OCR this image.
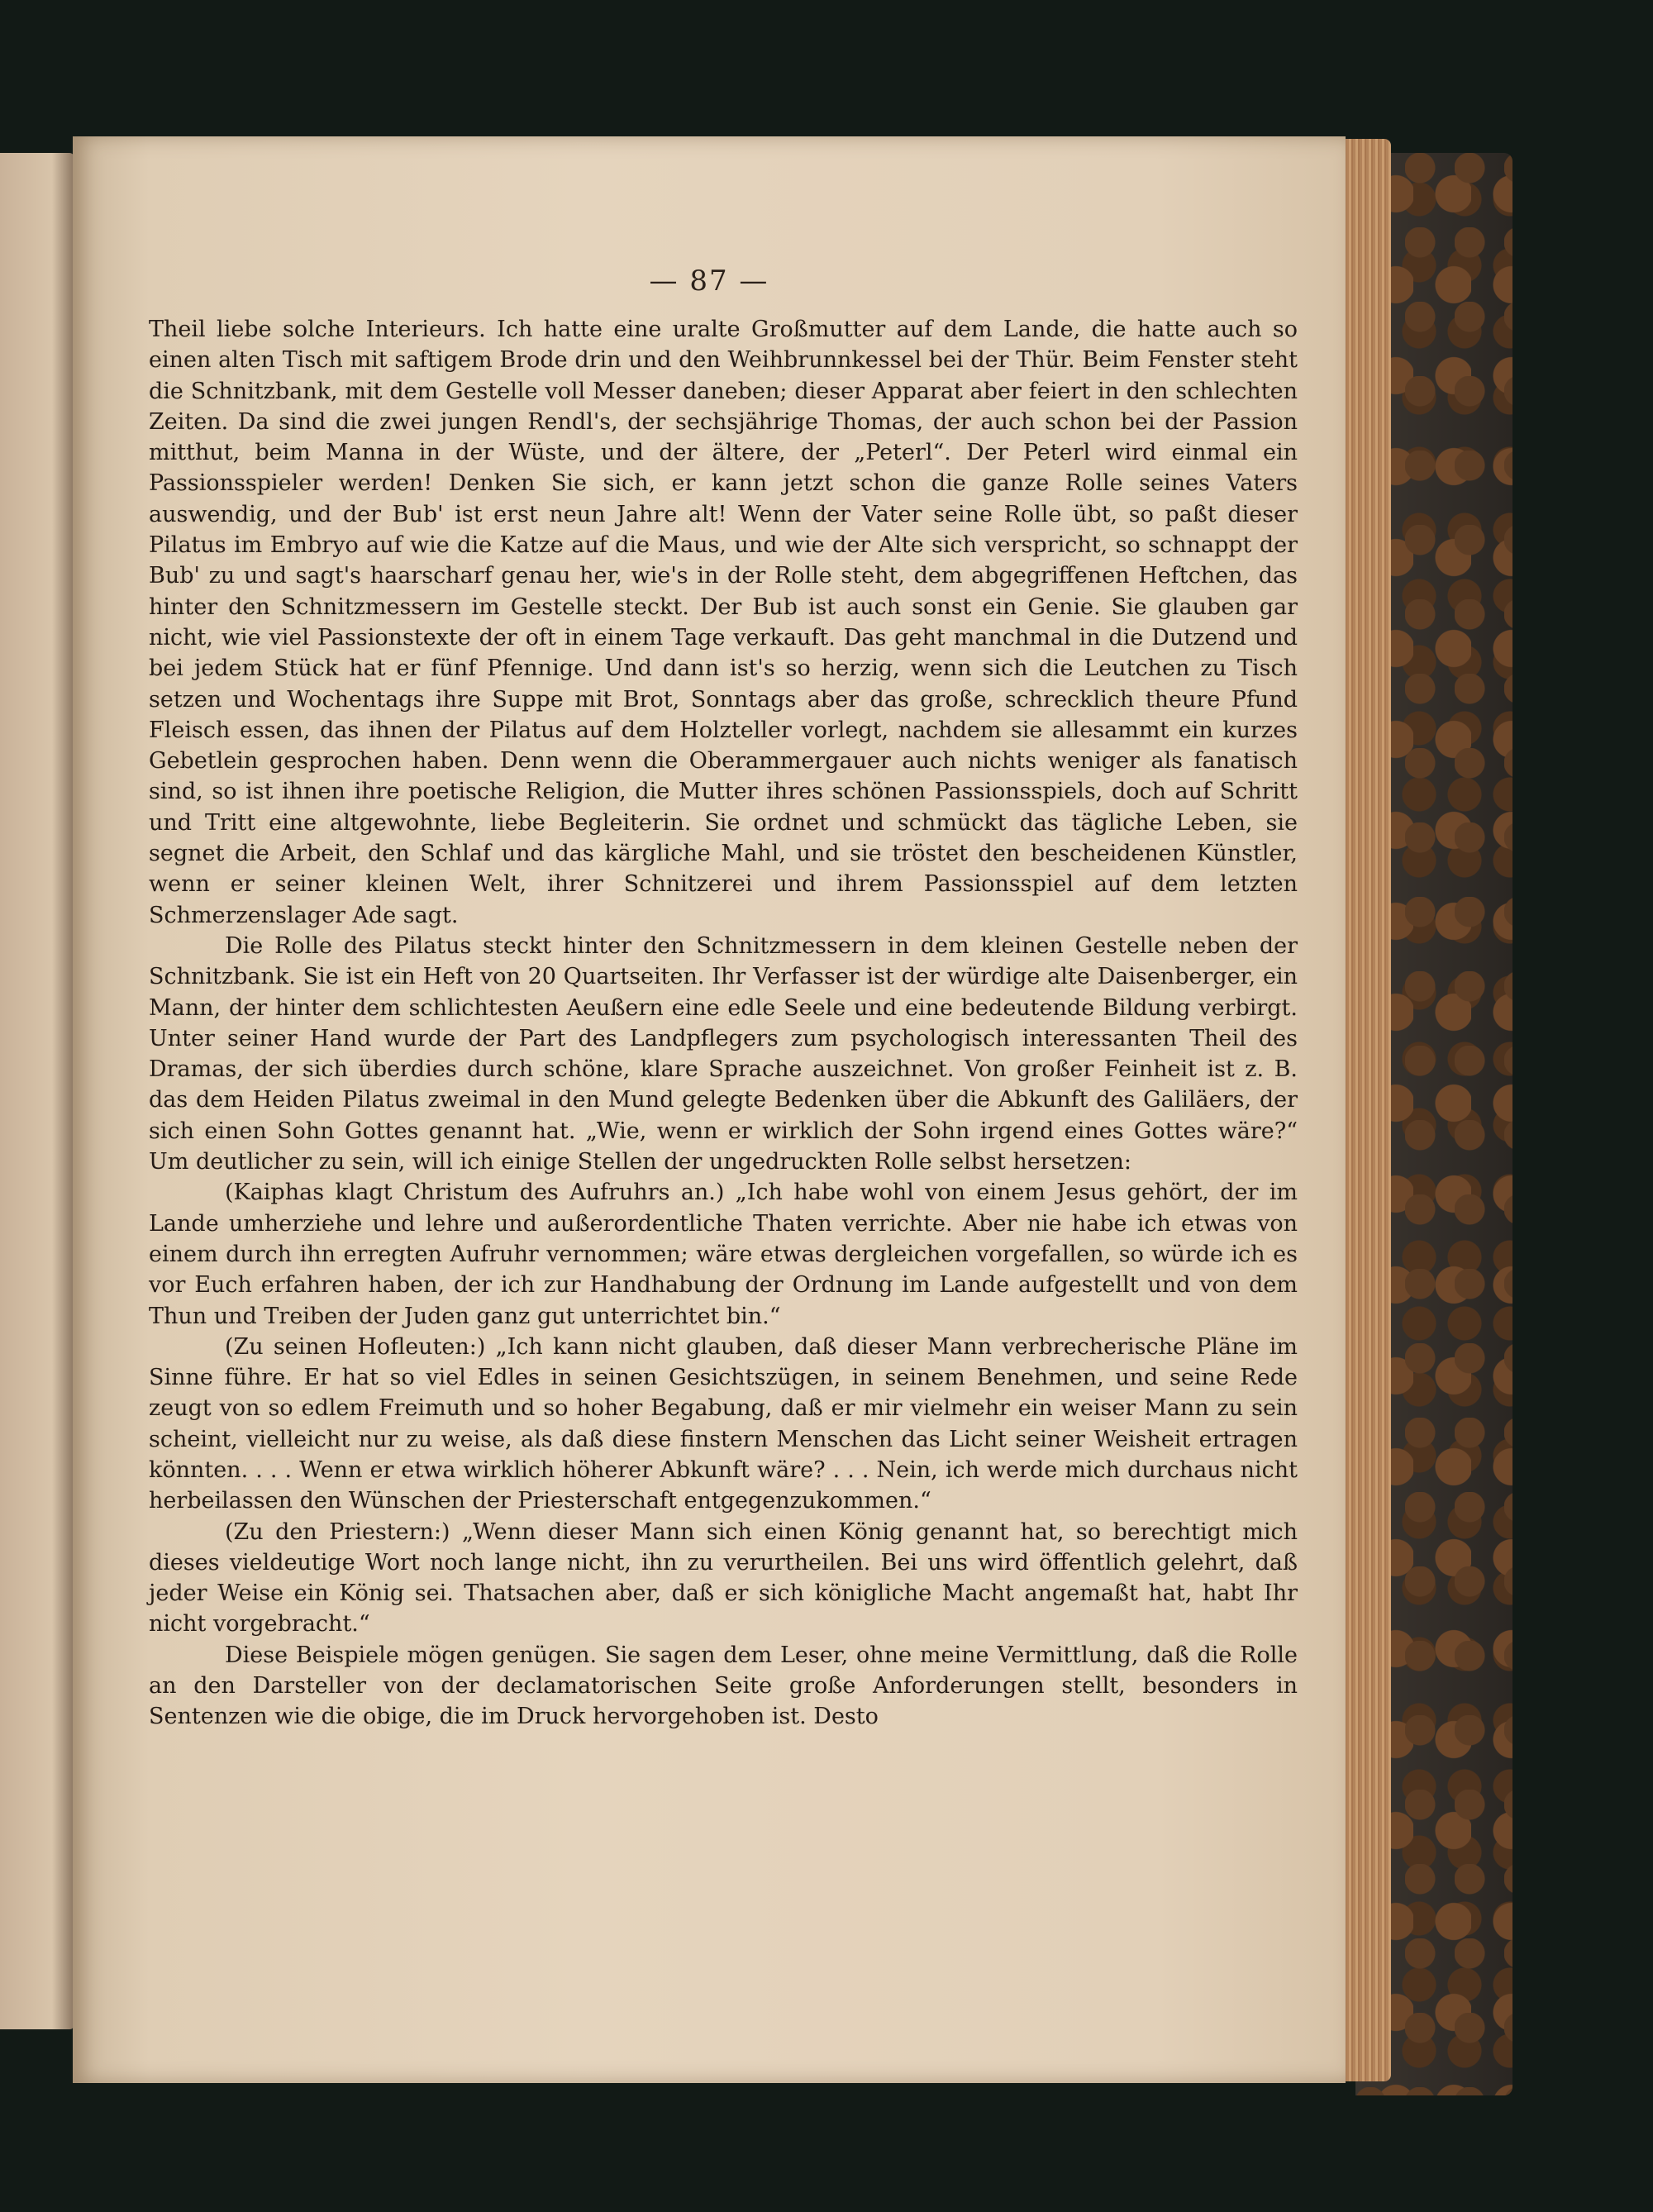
— 87 —

Theil liebe solche Interieurs. Ich hatte eine uralte Großmutter auf dem Lande, die hatte auch so einen alten Tisch mit saftigem Brode drin und den Weihbrunnkessel bei der Thür. Beim Fenster steht die Schnitzbank, mit dem Gestelle voll Messer daneben; dieser Apparat aber feiert in den schlechten Zeiten. Da sind die zwei jungen Rendl's, der sechsjährige Thomas, der auch schon bei der Passion mitthut, beim Manna in der Wüste, und der ältere, der „Peterl“. Der Peterl wird einmal ein Passionsspieler werden! Denken Sie sich, er kann jetzt schon die ganze Rolle seines Vaters auswendig, und der Bub' ist erst neun Jahre alt! Wenn der Vater seine Rolle übt, so paßt dieser Pilatus im Embryo auf wie die Katze auf die Maus, und wie der Alte sich verspricht, so schnappt der Bub' zu und sagt's haarscharf genau her, wie's in der Rolle steht, dem abgegriffenen Heftchen, das hinter den Schnitzmessern im Gestelle steckt. Der Bub ist auch sonst ein Genie. Sie glauben gar nicht, wie viel Passionstexte der oft in einem Tage verkauft. Das geht manchmal in die Dutzend und bei jedem Stück hat er fünf Pfennige. Und dann ist's so herzig, wenn sich die Leutchen zu Tisch setzen und Wochentags ihre Suppe mit Brot, Sonntags aber das große, schrecklich theure Pfund Fleisch essen, das ihnen der Pilatus auf dem Holzteller vorlegt, nachdem sie allesammt ein kurzes Gebetlein gesprochen haben. Denn wenn die Oberammergauer auch nichts weniger als fanatisch sind, so ist ihnen ihre poetische Religion, die Mutter ihres schönen Passionsspiels, doch auf Schritt und Tritt eine altgewohnte, liebe Begleiterin. Sie ordnet und schmückt das tägliche Leben, sie segnet die Arbeit, den Schlaf und das kärgliche Mahl, und sie tröstet den bescheidenen Künstler, wenn er seiner kleinen Welt, ihrer Schnitzerei und ihrem Passionsspiel auf dem letzten Schmerzenslager Ade sagt.

Die Rolle des Pilatus steckt hinter den Schnitzmessern in dem kleinen Gestelle neben der Schnitzbank. Sie ist ein Heft von 20 Quartseiten. Ihr Verfasser ist der würdige alte Daisenberger, ein Mann, der hinter dem schlichtesten Aeußern eine edle Seele und eine bedeutende Bildung verbirgt. Unter seiner Hand wurde der Part des Landpflegers zum psychologisch interessanten Theil des Dramas, der sich überdies durch schöne, klare Sprache auszeichnet. Von großer Feinheit ist z. B. das dem Heiden Pilatus zweimal in den Mund gelegte Bedenken über die Abkunft des Galiläers, der sich einen Sohn Gottes genannt hat. „Wie, wenn er wirklich der Sohn irgend eines Gottes wäre?“ Um deutlicher zu sein, will ich einige Stellen der ungedruckten Rolle selbst hersetzen:

(Kaiphas klagt Christum des Aufruhrs an.) „Ich habe wohl von einem Jesus gehört, der im Lande umherziehe und lehre und außerordentliche Thaten verrichte. Aber nie habe ich etwas von einem durch ihn erregten Aufruhr vernommen; wäre etwas dergleichen vorgefallen, so würde ich es vor Euch erfahren haben, der ich zur Handhabung der Ordnung im Lande aufgestellt und von dem Thun und Treiben der Juden ganz gut unterrichtet bin.“

(Zu seinen Hofleuten:) „Ich kann nicht glauben, daß dieser Mann verbrecherische Pläne im Sinne führe. Er hat so viel Edles in seinen Gesichtszügen, in seinem Benehmen, und seine Rede zeugt von so edlem Freimuth und so hoher Begabung, daß er mir vielmehr ein weiser Mann zu sein scheint, vielleicht nur zu weise, als daß diese finstern Menschen das Licht seiner Weisheit ertragen könnten. . . . Wenn er etwa wirklich höherer Abkunft wäre? . . . Nein, ich werde mich durchaus nicht herbeilassen den Wünschen der Priesterschaft entgegenzukommen.“

(Zu den Priestern:) „Wenn dieser Mann sich einen König genannt hat, so berechtigt mich dieses vieldeutige Wort noch lange nicht, ihn zu verurtheilen. Bei uns wird öffentlich gelehrt, daß jeder Weise ein König sei. Thatsachen aber, daß er sich königliche Macht angemaßt hat, habt Ihr nicht vorgebracht.“

Diese Beispiele mögen genügen. Sie sagen dem Leser, ohne meine Vermittlung, daß die Rolle an den Darsteller von der declamatorischen Seite große Anforderungen stellt, besonders in Sentenzen wie die obige, die im Druck hervorgehoben ist. Desto
